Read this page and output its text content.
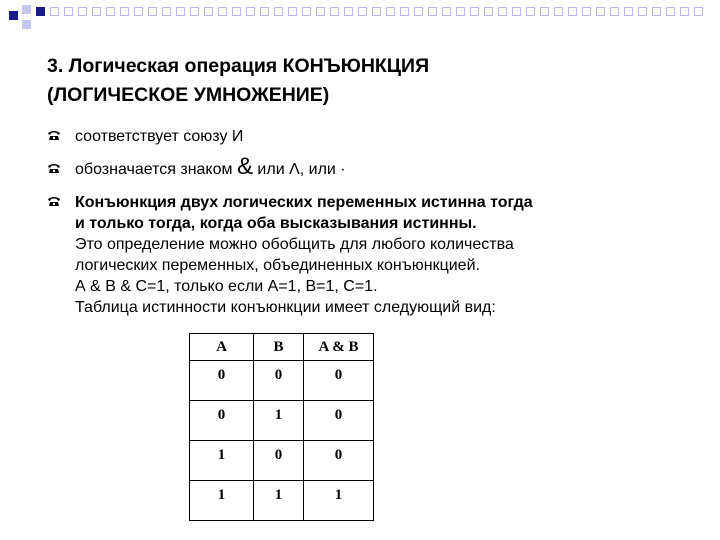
3. Логическая операция КОНЪЮНКЦИЯ
(ЛОГИЧЕСКОЕ УМНОЖЕНИЕ)
соответствует союзу И
обозначается знаком & или Λ, или ·
Конъюнкция двух логических переменных истинна тогда
и только тогда, когда оба высказывания истинны.
Это определение можно обобщить для любого количества
логических переменных, объединенных конъюнкцией.
А & В & С=1, только если А=1, В=1, С=1.
Таблица истинности конъюнкции имеет следующий вид:
A	B	A & B
0	0	0
0	1	0
1	0	0
1	1	1
